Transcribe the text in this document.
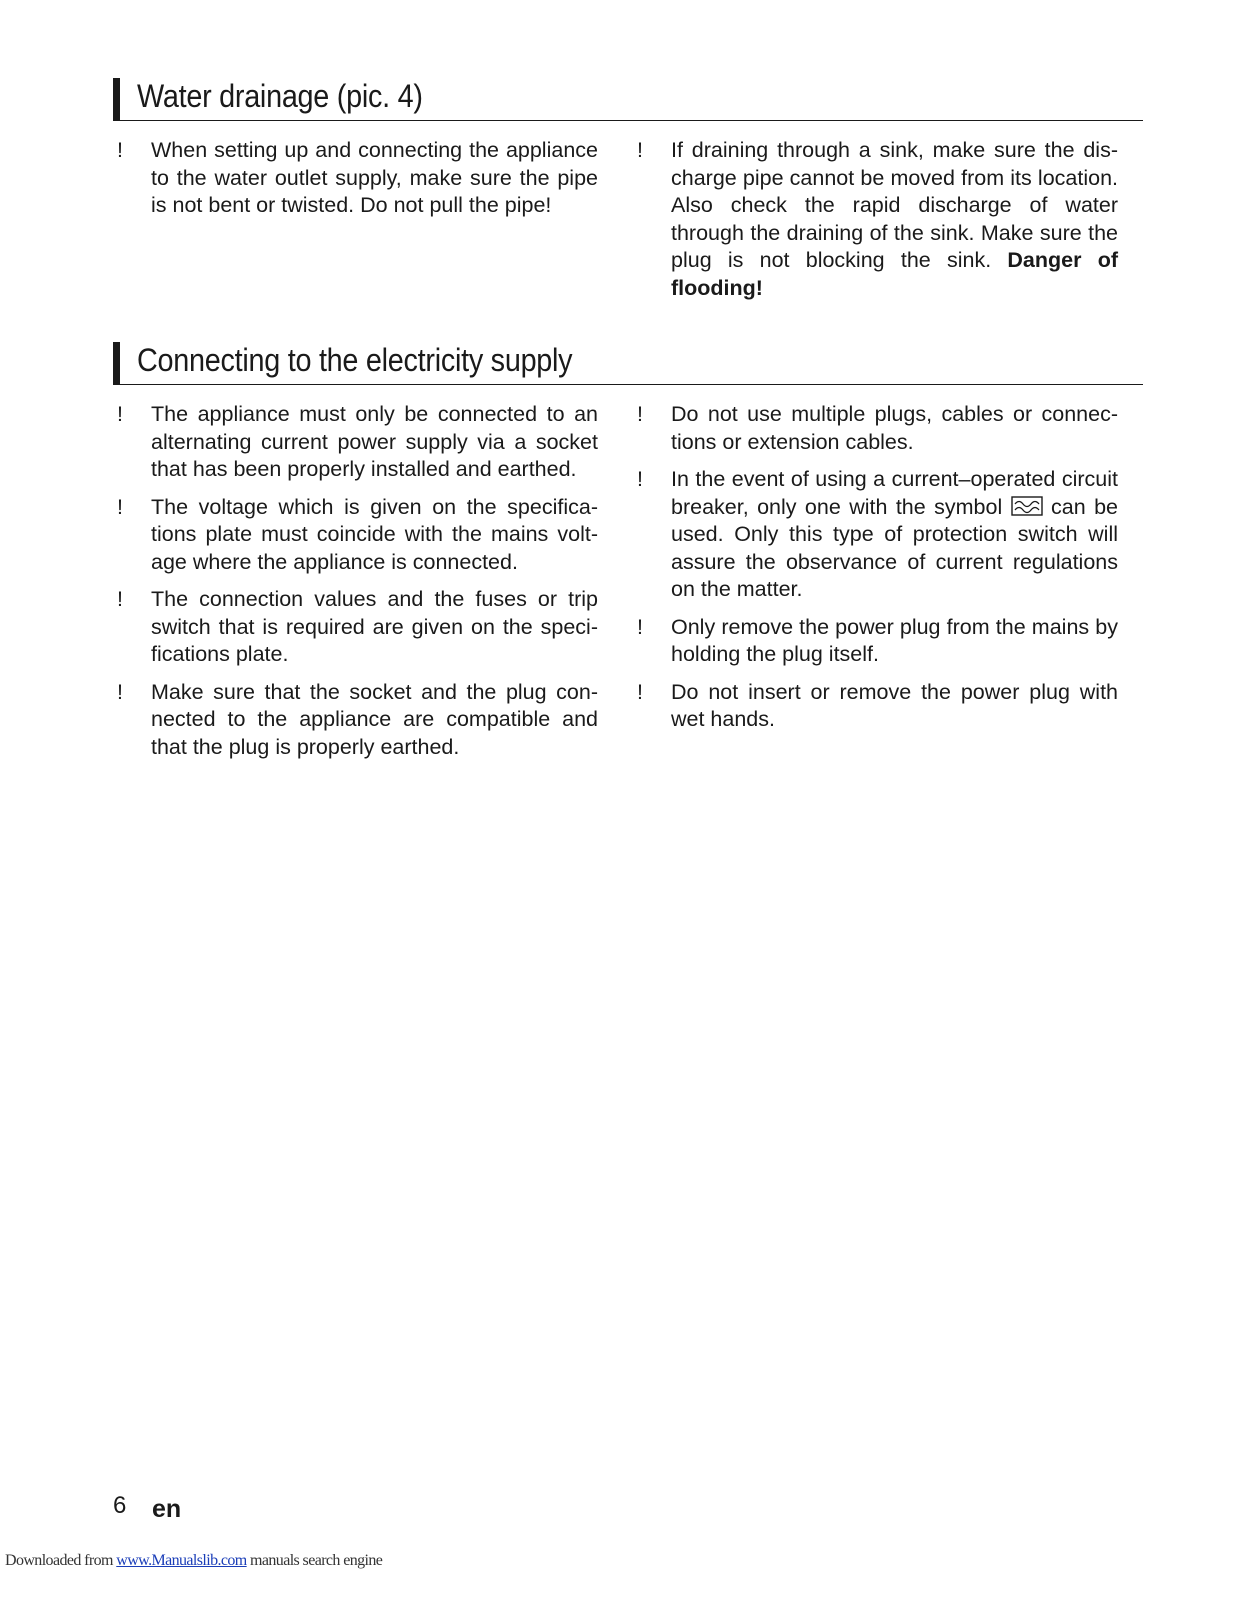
Water drainage (pic. 4)
! When setting up and connecting the appliance to the water outlet supply, make sure the pipe is not bent or twisted. Do not pull the pipe!
! If draining through a sink, make sure the discharge pipe cannot be moved from its location. Also check the rapid discharge of water through the draining of the sink. Make sure the plug is not blocking the sink. Danger of flooding!
Connecting to the electricity supply
! The appliance must only be connected to an alternating current power supply via a socket that has been properly installed and earthed.
! The voltage which is given on the specifications plate must coincide with the mains voltage where the appliance is connected.
! The connection values and the fuses or trip switch that is required are given on the specifications plate.
! Make sure that the socket and the plug connected to the appliance are compatible and that the plug is properly earthed.
! Do not use multiple plugs, cables or connections or extension cables.
! In the event of using a current–operated circuit breaker, only one with the symbol  can be used. Only this type of protection switch will assure the observance of current regulations on the matter.
! Only remove the power plug from the mains by holding the plug itself.
! Do not insert or remove the power plug with wet hands.
6 en
Downloaded from www.Manualslib.com manuals search engine
